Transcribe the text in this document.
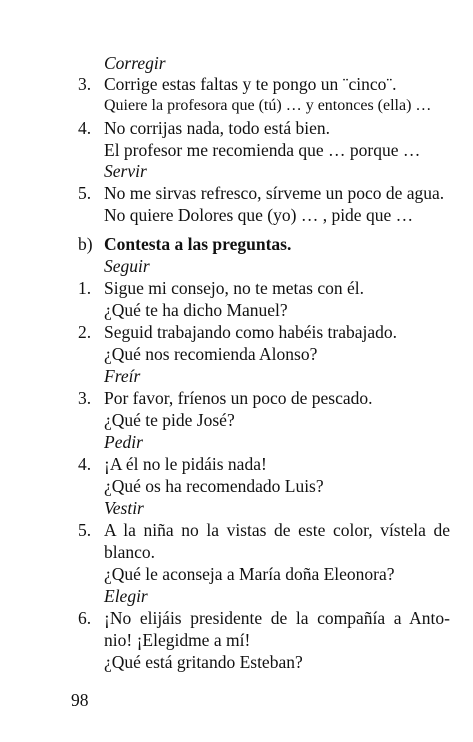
Corregir
3. Corrige estas faltas y te pongo un ¨cinco¨.
Quiere la profesora que (tú) … y entonces (ella) …
4. No corrijas nada, todo está bien.
El profesor me recomienda que … porque …
Servir
5. No me sirvas refresco, sírveme un poco de agua.
No quiere Dolores que (yo) … , pide que …
b) Contesta a las preguntas.
Seguir
1. Sigue mi consejo, no te metas con él.
¿Qué te ha dicho Manuel?
2. Seguid trabajando como habéis trabajado.
¿Qué nos recomienda Alonso?
Freír
3. Por favor, fríenos un poco de pescado.
¿Qué te pide José?
Pedir
4. ¡A él no le pidáis nada!
¿Qué os ha recomendado Luis?
Vestir
5. A la niña no la vistas de este color, vístela de
blanco.
¿Qué le aconseja a María doña Eleonora?
Elegir
6. ¡No elijáis presidente de la compañía a Anto-
nio! ¡Elegidme a mí!
¿Qué está gritando Esteban?
98
